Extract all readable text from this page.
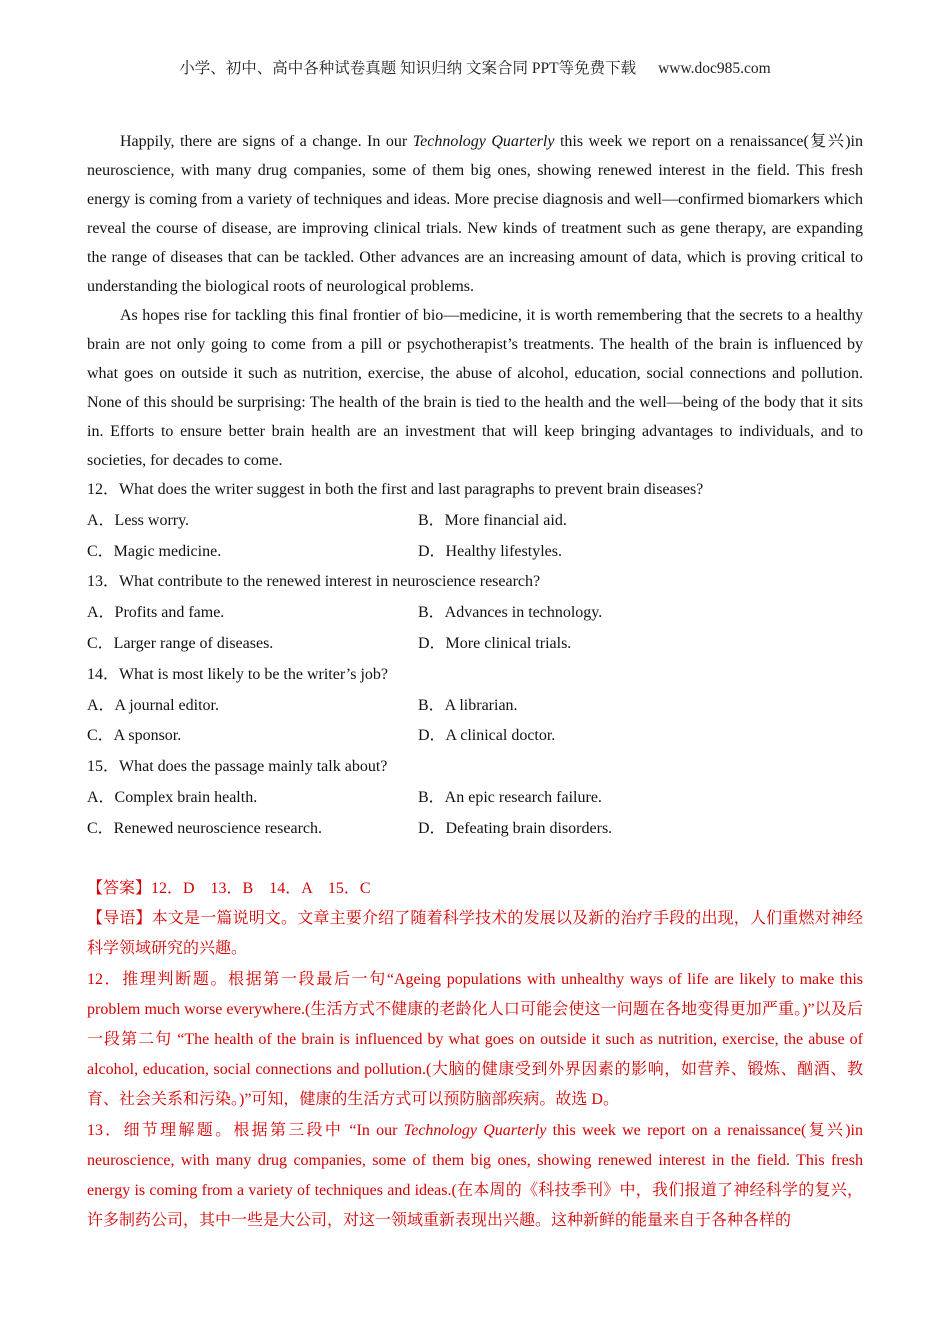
小学、初中、高中各种试卷真题 知识归纳 文案合同 PPT等免费下载 www.doc985.com

Happily, there are signs of a change. In our Technology Quarterly this week we report on a renaissance(复兴)in neuroscience, with many drug companies, some of them big ones, showing renewed interest in the field. This fresh energy is coming from a variety of techniques and ideas. More precise diagnosis and well—confirmed biomarkers which reveal the course of disease, are improving clinical trials. New kinds of treatment such as gene therapy, are expanding the range of diseases that can be tackled. Other advances are an increasing amount of data, which is proving critical to understanding the biological roots of neurological problems.

As hopes rise for tackling this final frontier of bio—medicine, it is worth remembering that the secrets to a healthy brain are not only going to come from a pill or psychotherapist’s treatments. The health of the brain is influenced by what goes on outside it such as nutrition, exercise, the abuse of alcohol, education, social connections and pollution. None of this should be surprising: The health of the brain is tied to the health and the well—being of the body that it sits in. Efforts to ensure better brain health are an investment that will keep bringing advantages to individuals, and to societies, for decades to come.

12．What does the writer suggest in both the first and last paragraphs to prevent brain diseases?

A．Less worry.	B．More financial aid.
C．Magic medicine.	D．Healthy lifestyles.

13．What contribute to the renewed interest in neuroscience research?

A．Profits and fame.	B．Advances in technology.
C．Larger range of diseases.	D．More clinical trials.

14．What is most likely to be the writer’s job?

A．A journal editor.	B．A librarian.
C．A sponsor.	D．A clinical doctor.

15．What does the passage mainly talk about?

A．Complex brain health.	B．An epic research failure.
C．Renewed neuroscience research.	D．Defeating brain disorders.

【答案】12．D　13．B　14．A　15．C

【导语】本文是一篇说明文。文章主要介绍了随着科学技术的发展以及新的治疗手段的出现，人们重燃对神经科学领域研究的兴趣。

12．推理判断题。根据第一段最后一句“Ageing populations with unhealthy ways of life are likely to make this problem much worse everywhere.(生活方式不健康的老龄化人口可能会使这一问题在各地变得更加严重。)”以及后一段第二句 “The health of the brain is influenced by what goes on outside it such as nutrition, exercise, the abuse of alcohol, education, social connections and pollution.(大脑的健康受到外界因素的影响，如营养、锻炼、酗酒、教育、社会关系和污染。)”可知，健康的生活方式可以预防脑部疾病。故选 D。

13．细节理解题。根据第三段中 “In our Technology Quarterly this week we report on a renaissance(复兴)in neuroscience, with many drug companies, some of them big ones, showing renewed interest in the field. This fresh energy is coming from a variety of techniques and ideas.(在本周的《科技季刊》中，我们报道了神经科学的复兴，许多制药公司，其中一些是大公司，对这一领域重新表现出兴趣。这种新鲜的能量来自于各种各样的
